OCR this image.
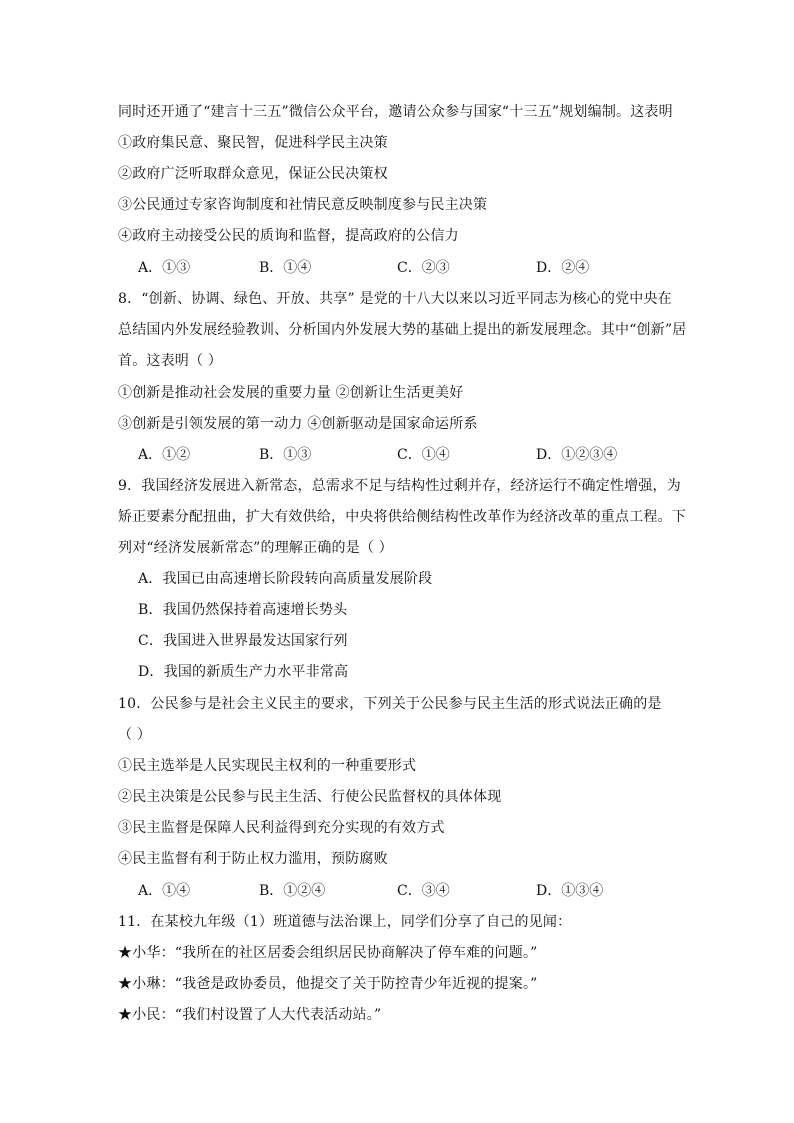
同时还开通了“建言十三五”微信公众平台，邀请公众参与国家“十三五”规划编制。这表明
①政府集民意、聚民智，促进科学民主决策
②政府广泛听取群众意见，保证公民决策权
③公民通过专家咨询制度和社情民意反映制度参与民主决策
④政府主动接受公民的质询和监督，提高政府的公信力
A．①③	B．①④	C．②③	D．②④
8．“创新、协调、绿色、开放、共享” 是党的十八大以来以习近平同志为核心的党中央在
总结国内外发展经验教训、分析国内外发展大势的基础上提出的新发展理念。其中“创新”居
首。这表明（ ）
①创新是推动社会发展的重要力量 ②创新让生活更美好
③创新是引领发展的第一动力 ④创新驱动是国家命运所系
A．①②	B．①③	C．①④	D．①②③④
9．我国经济发展进入新常态，总需求不足与结构性过剩并存，经济运行不确定性增强，为
矫正要素分配扭曲，扩大有效供给，中央将供给侧结构性改革作为经济改革的重点工程。下
列对“经济发展新常态”的理解正确的是（ ）
A．我国已由高速增长阶段转向高质量发展阶段
B．我国仍然保持着高速增长势头
C．我国进入世界最发达国家行列
D．我国的新质生产力水平非常高
10．公民参与是社会主义民主的要求，下列关于公民参与民主生活的形式说法正确的是
（ ）
①民主选举是人民实现民主权利的一种重要形式
②民主决策是公民参与民主生活、行使公民监督权的具体体现
③民主监督是保障人民利益得到充分实现的有效方式
④民主监督有利于防止权力滥用，预防腐败
A．①④	B．①②④	C．③④	D．①③④
11．在某校九年级（1）班道德与法治课上，同学们分享了自己的见闻：
★小华：“我所在的社区居委会组织居民协商解决了停车难的问题。”
★小琳：“我爸是政协委员，他提交了关于防控青少年近视的提案。”
★小民：“我们村设置了人大代表活动站。”
